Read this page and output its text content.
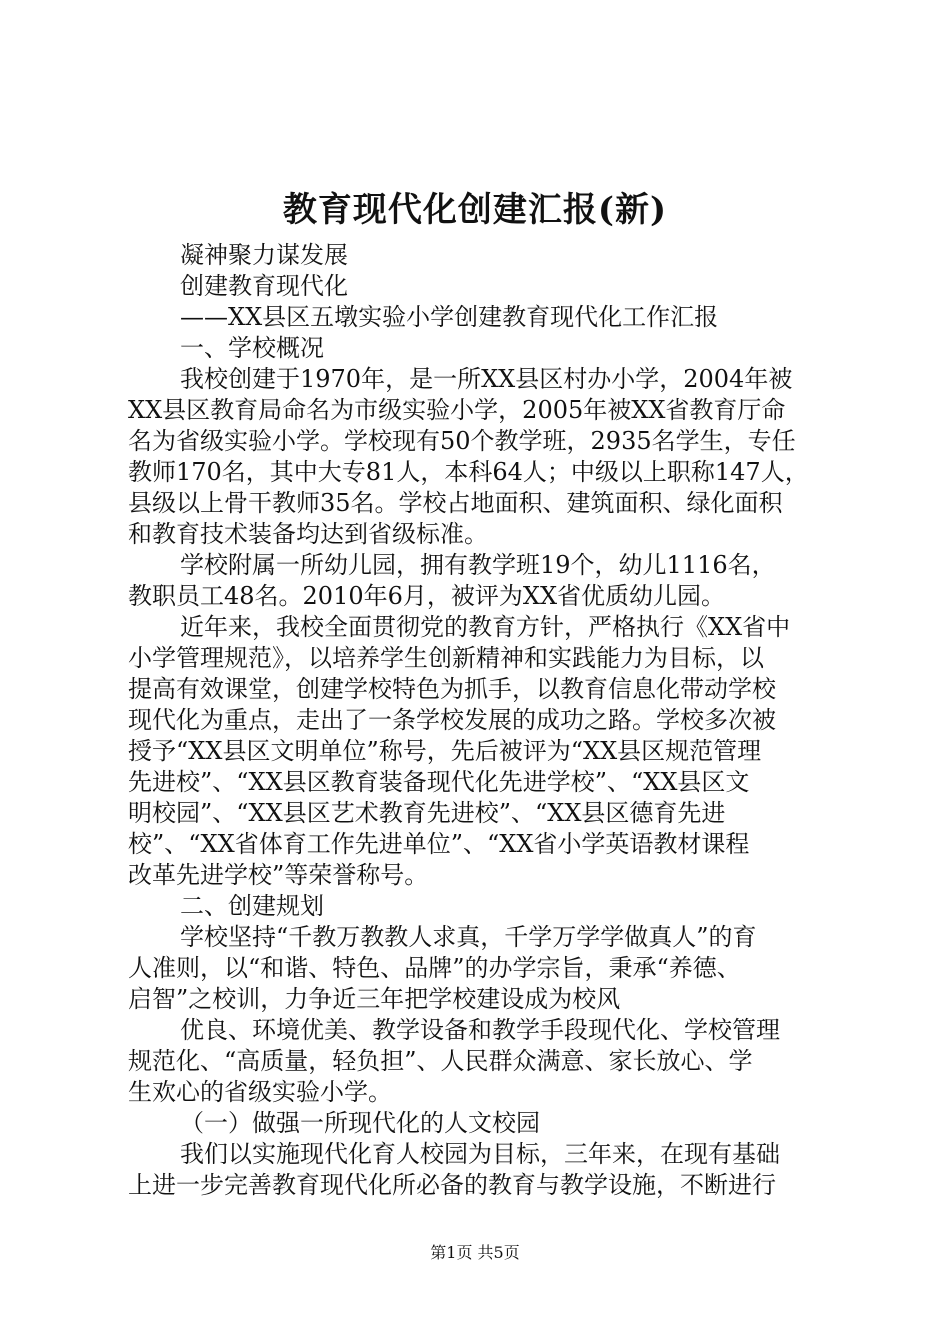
教育现代化创建汇报(新)
凝神聚力谋发展
创建教育现代化
——XX县区五墩实验小学创建教育现代化工作汇报
一、学校概况
我校创建于1970年，是一所XX县区村办小学，2004年被
XX县区教育局命名为市级实验小学，2005年被XX省教育厅命
名为省级实验小学。学校现有50个教学班，2935名学生，专任
教师170名，其中大专81人，本科64人；中级以上职称147人，
县级以上骨干教师35名。学校占地面积、建筑面积、绿化面积
和教育技术装备均达到省级标准。
学校附属一所幼儿园，拥有教学班19个，幼儿1116名，
教职员工48名。2010年6月，被评为XX省优质幼儿园。
近年来，我校全面贯彻党的教育方针，严格执行《XX省中
小学管理规范》，以培养学生创新精神和实践能力为目标，以
提高有效课堂，创建学校特色为抓手，以教育信息化带动学校
现代化为重点，走出了一条学校发展的成功之路。学校多次被
授予“XX县区文明单位”称号，先后被评为“XX县区规范管理
先进校”、“XX县区教育装备现代化先进学校”、“XX县区文
明校园”、“XX县区艺术教育先进校”、“XX县区德育先进
校”、“XX省体育工作先进单位”、“XX省小学英语教材课程
改革先进学校”等荣誉称号。
二、创建规划
学校坚持“千教万教教人求真，千学万学学做真人”的育
人准则，以“和谐、特色、品牌”的办学宗旨，秉承“养德、
启智”之校训，力争近三年把学校建设成为校风
优良、环境优美、教学设备和教学手段现代化、学校管理
规范化、“高质量，轻负担”、人民群众满意、家长放心、学
生欢心的省级实验小学。
（一）做强一所现代化的人文校园
我们以实施现代化育人校园为目标，三年来，在现有基础
上进一步完善教育现代化所必备的教育与教学设施，不断进行
第1页 共5页
